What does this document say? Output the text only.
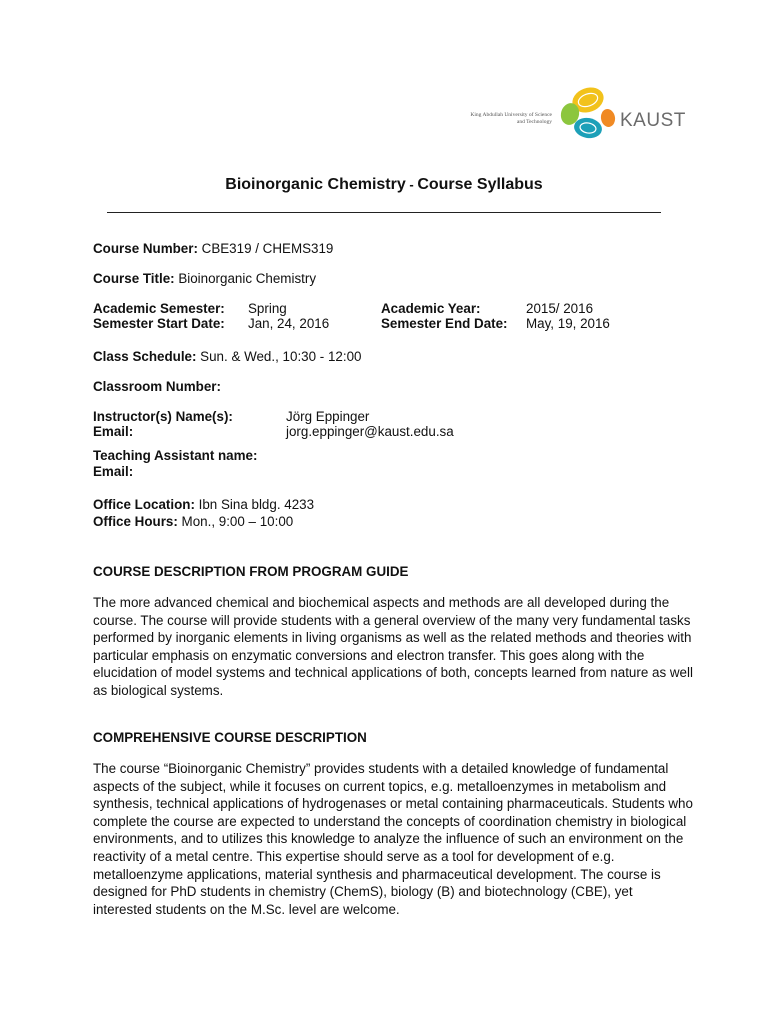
King Abdullah University of Science and Technology	KAUST
Bioinorganic Chemistry - Course Syllabus
Course Number: CBE319 / CHEMS319
Course Title: Bioinorganic Chemistry
Academic Semester: Spring	Academic Year:	2015/ 2016
Semester Start Date: Jan, 24, 2016	Semester End Date: May, 19, 2016
Class Schedule: Sun. & Wed., 10:30 - 12:00
Classroom Number:
Instructor(s) Name(s):	Jörg Eppinger
Email:	jorg.eppinger@kaust.edu.sa
Teaching Assistant name:
Email:
Office Location: Ibn Sina bldg. 4233
Office Hours: Mon., 9:00 – 10:00
COURSE DESCRIPTION FROM PROGRAM GUIDE

The more advanced chemical and biochemical aspects and methods are all developed during the course. The course will provide students with a general overview of the many very fundamental tasks performed by inorganic elements in living organisms as well as the related methods and theories with particular emphasis on enzymatic conversions and electron transfer. This goes along with the elucidation of model systems and technical applications of both, concepts learned from nature as well as biological systems.

COMPREHENSIVE COURSE DESCRIPTION

The course “Bioinorganic Chemistry” provides students with a detailed knowledge of fundamental aspects of the subject, while it focuses on current topics, e.g. metalloenzymes in metabolism and synthesis, technical applications of hydrogenases or metal containing pharmaceuticals. Students who complete the course are expected to understand the concepts of coordination chemistry in biological environments, and to utilizes this knowledge to analyze the influence of such an environment on the reactivity of a metal centre. This expertise should serve as a tool for development of e.g. metalloenzyme applications, material synthesis and pharmaceutical development. The course is designed for PhD students in chemistry (ChemS), biology (B) and biotechnology (CBE), yet interested students on the M.Sc. level are welcome.
